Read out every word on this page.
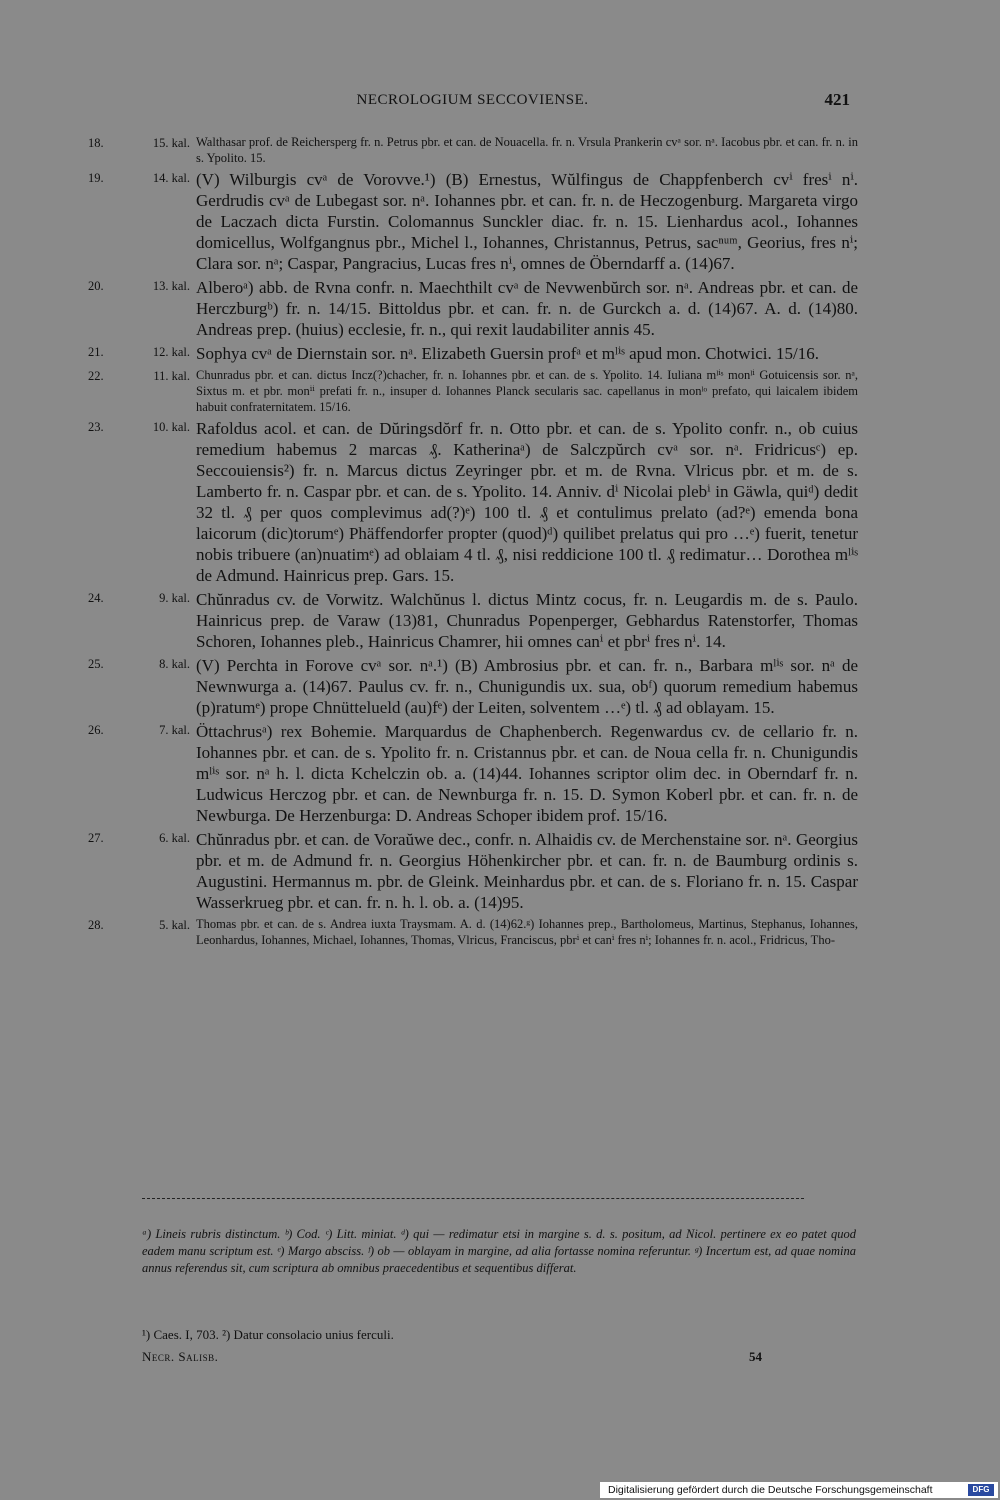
NECROLOGIUM SECCOVIENSE.	421
18.	15. kal. Walthasar prof. de Reichersperg fr. n. Petrus pbr. et can. de Nouacella. fr. n. Vrsula Prankerin cvᵃ sor. nᵃ. Iacobus pbr. et can. fr. n. in s. Ypolito. 15.
19.	14. kal. (V) Wilburgis cvᵃ de Vorovve.¹) (B) Ernestus, Wŭlfingus de Chappfenberch cvⁱ fresⁱ nⁱ. Gerdrudis cvᵃ de Lubegast sor. nᵃ. Iohannes pbr. et can. fr. n. de Heczogenburg. Margareta virgo de Laczach dicta Furstin. Colomannus Sunckler diac. fr. n. 15. Lienhardus acol., Iohannes domicellus, Wolfgangnus pbr., Michel l., Iohannes, Christannus, Petrus, sacⁿᵘᵐ, Georius, fres nⁱ; Clara sor. nᵃ; Caspar, Pangracius, Lucas fres nⁱ, omnes de Öberndarff a. (14)67.
20.	13. kal. Alberoᵃ) abb. de Rvna confr. n. Maechthilt cvᵃ de Nevwenbŭrch sor. nᵃ. Andreas pbr. et can. de Herczburgᵇ) fr. n. 14/15. Bittoldus pbr. et can. fr. n. de Gurckch a. d. (14)67. A. d. (14)80. Andreas prep. (huius) ecclesie, fr. n., qui rexit laudabiliter annis 45.
21.	12. kal. Sophya cvᵃ de Diernstain sor. nᵃ. Elizabeth Guersin profᵃ et mˡⁱˢ apud mon. Chotwici. 15/16.
22.	11. kal. Chunradus pbr. et can. dictus Incz(?)chacher, fr. n. Iohannes pbr. et can. de s. Ypolito. 14. Iuliana mˡⁱˢ monˡⁱ Gotuicensis sor. nᵃ, Sixtus m. et pbr. monⁱⁱ prefati fr. n., insuper d. Iohannes Planck secularis sac. capellanus in monˡᵒ prefato, qui laicalem ibidem habuit confraternitatem. 15/16.
23.	10. kal. Rafoldus acol. et can. de Dŭringsdŏrf fr. n. Otto pbr. et can. de s. Ypolito confr. n., ob cuius remedium habemus 2 marcas ₰. Katherinaᵃ) de Salczpŭrch cvᵃ sor. nᵃ. Fridricusᶜ) ep. Seccouiensis²) fr. n. Marcus dictus Zeyringer pbr. et m. de Rvna. Vlricus pbr. et m. de s. Lamberto fr. n. Caspar pbr. et can. de s. Ypolito. 14. Anniv. dⁱ Nicolai plebⁱ in Gäwla, quiᵈ) dedit 32 tl. ₰ per quos complevimus ad(?)ᵉ) 100 tl. ₰ et contulimus prelato (ad?ᵉ) emenda bona laicorum (dic)torumᵉ) Phäffendorfer propter (quod)ᵈ) quilibet prelatus qui pro …ᵉ) fuerit, tenetur nobis tribuere (an)nuatimᵉ) ad oblaiam 4 tl. ₰, nisi reddicione 100 tl. ₰ redimatur… Dorothea mˡⁱˢ de Admund. Hainricus prep. Gars. 15.
24.	9. kal. Chŭnradus cv. de Vorwitz. Walchŭnus l. dictus Mintz cocus, fr. n. Leugardis m. de s. Paulo. Hainricus prep. de Varaw (13)81, Chunradus Popenperger, Gebhardus Ratenstorfer, Thomas Schoren, Iohannes pleb., Hainricus Chamrer, hii omnes canⁱ et pbrⁱ fres nⁱ. 14.
25.	8. kal. (V) Perchta in Forove cvᵃ sor. nᵃ.¹) (B) Ambrosius pbr. et can. fr. n., Barbara mˡⁱˢ sor. nᵃ de Newnwurga a. (14)67. Paulus cv. fr. n., Chunigundis ux. sua, obᶠ) quorum remedium habemus (p)ratumᵉ) prope Chnüttelueld (au)fᵉ) der Leiten, solventem …ᵉ) tl. ₰ ad oblayam. 15.
26.	7. kal. Öttachrusᵃ) rex Bohemie. Marquardus de Chaphenberch. Regenwardus cv. de cellario fr. n. Iohannes pbr. et can. de s. Ypolito fr. n. Cristannus pbr. et can. de Noua cella fr. n. Chunigundis mˡⁱˢ sor. nᵃ h. l. dicta Kchelczin ob. a. (14)44. Iohannes scriptor olim dec. in Oberndarf fr. n. Ludwicus Herczog pbr. et can. de Newnburga fr. n. 15. D. Symon Koberl pbr. et can. fr. n. de Newburga. De Herzenburga: D. Andreas Schoper ibidem prof. 15/16.
27.	6. kal. Chŭnradus pbr. et can. de Voraŭwe dec., confr. n. Alhaidis cv. de Merchenstaine sor. nᵃ. Georgius pbr. et m. de Admund fr. n. Georgius Höhenkircher pbr. et can. fr. n. de Baumburg ordinis s. Augustini. Hermannus m. pbr. de Gleink. Meinhardus pbr. et can. de s. Floriano fr. n. 15. Caspar Wasserkrueg pbr. et can. fr. n. h. l. ob. a. (14)95.
28.	5. kal. Thomas pbr. et can. de s. Andrea iuxta Traysmam. A. d. (14)62.ᵍ) Iohannes prep., Bartholomeus, Martinus, Stephanus, Iohannes, Leonhardus, Iohannes, Michael, Iohannes, Thomas, Vlricus, Franciscus, pbrⁱ et canⁱ fres nⁱ; Iohannes fr. n. acol., Fridricus, Tho-
ᵃ) Lineis rubris distinctum. ᵇ) Cod. ᶜ) Litt. miniat. ᵈ) qui — redimatur etsi in margine s. d. s. positum, ad Nicol. pertinere ex eo patet quod eadem manu scriptum est. ᵉ) Margo absciss. ᶠ) ob — oblayam in margine, ad alia fortasse nomina referuntur. ᵍ) Incertum est, ad quae nomina annus referendus sit, cum scriptura ab omnibus praecedentibus et sequentibus differat.
¹) Caes. I, 703. ²) Datur consolacio unius ferculi.
Necr. Salisb.	54
Digitalisierung gefördert durch die Deutsche Forschungsgemeinschaft	DFG
